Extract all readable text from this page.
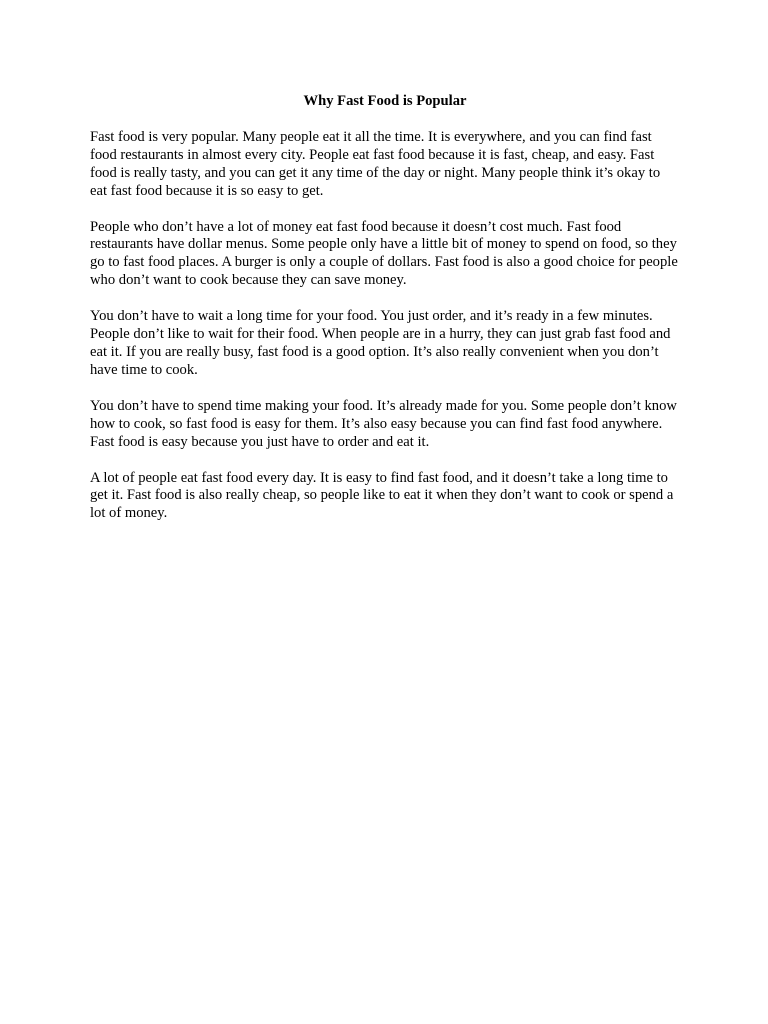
Why Fast Food is Popular

Fast food is very popular. Many people eat it all the time. It is everywhere, and you can find fast food restaurants in almost every city. People eat fast food because it is fast, cheap, and easy. Fast food is really tasty, and you can get it any time of the day or night. Many people think it’s okay to eat fast food because it is so easy to get.

People who don’t have a lot of money eat fast food because it doesn’t cost much. Fast food restaurants have dollar menus. Some people only have a little bit of money to spend on food, so they go to fast food places. A burger is only a couple of dollars. Fast food is also a good choice for people who don’t want to cook because they can save money.

You don’t have to wait a long time for your food. You just order, and it’s ready in a few minutes. People don’t like to wait for their food. When people are in a hurry, they can just grab fast food and eat it. If you are really busy, fast food is a good option. It’s also really convenient when you don’t have time to cook.

You don’t have to spend time making your food. It’s already made for you. Some people don’t know how to cook, so fast food is easy for them. It’s also easy because you can find fast food anywhere. Fast food is easy because you just have to order and eat it.

A lot of people eat fast food every day. It is easy to find fast food, and it doesn’t take a long time to get it. Fast food is also really cheap, so people like to eat it when they don’t want to cook or spend a lot of money.
